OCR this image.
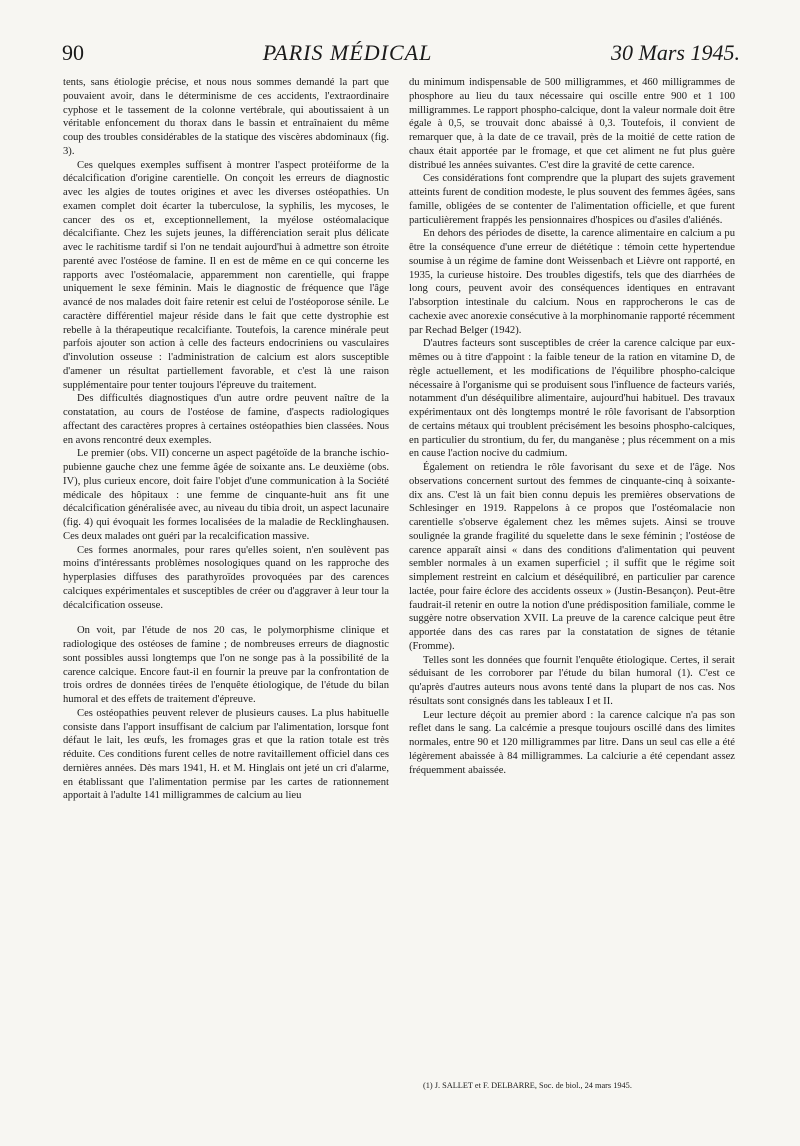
90	PARIS MÉDICAL	30 Mars 1945.

tents, sans étiologie précise, et nous nous sommes demandé la part que pouvaient avoir, dans le déterminisme de ces accidents, l'extraordinaire cyphose et le tassement de la colonne vertébrale, qui aboutissaient à un véritable enfoncement du thorax dans le bassin et entraînaient du même coup des troubles considérables de la statique des viscères abdominaux (fig. 3).

Ces quelques exemples suffisent à montrer l'aspect protéiforme de la décalcification d'origine carentielle. On conçoit les erreurs de diagnostic avec les algies de toutes origines et avec les diverses ostéopathies. Un examen complet doit écarter la tuberculose, la syphilis, les mycoses, le cancer des os et, exceptionnellement, la myélose ostéomalacique décalcifiante. Chez les sujets jeunes, la différenciation serait plus délicate avec le rachitisme tardif si l'on ne tendait aujourd'hui à admettre son étroite parenté avec l'ostéose de famine. Il en est de même en ce qui concerne les rapports avec l'ostéomalacie, apparemment non carentielle, qui frappe uniquement le sexe féminin. Mais le diagnostic de fréquence que l'âge avancé de nos malades doit faire retenir est celui de l'ostéoporose sénile. Le caractère différentiel majeur réside dans le fait que cette dystrophie est rebelle à la thérapeutique recalcifiante. Toutefois, la carence minérale peut parfois ajouter son action à celle des facteurs endocriniens ou vasculaires d'involution osseuse : l'administration de calcium est alors susceptible d'amener un résultat partiellement favorable, et c'est là une raison supplémentaire pour tenter toujours l'épreuve du traitement.

Des difficultés diagnostiques d'un autre ordre peuvent naître de la constatation, au cours de l'ostéose de famine, d'aspects radiologiques affectant des caractères propres à certaines ostéopathies bien classées. Nous en avons rencontré deux exemples.

Le premier (obs. VII) concerne un aspect pagétoïde de la branche ischio-pubienne gauche chez une femme âgée de soixante ans. Le deuxième (obs. IV), plus curieux encore, doit faire l'objet d'une communication à la Société médicale des hôpitaux : une femme de cinquante-huit ans fit une décalcification généralisée avec, au niveau du tibia droit, un aspect lacunaire (fig. 4) qui évoquait les formes localisées de la maladie de Recklinghausen. Ces deux malades ont guéri par la recalcification massive.

Ces formes anormales, pour rares qu'elles soient, n'en soulèvent pas moins d'intéressants problèmes nosologiques quand on les rapproche des hyperplasies diffuses des parathyroïdes provoquées par des carences calciques expérimentales et susceptibles de créer ou d'aggraver à leur tour la décalcification osseuse.

On voit, par l'étude de nos 20 cas, le polymorphisme clinique et radiologique des ostéoses de famine ; de nombreuses erreurs de diagnostic sont possibles aussi longtemps que l'on ne songe pas à la possibilité de la carence calcique. Encore faut-il en fournir la preuve par la confrontation de trois ordres de données tirées de l'enquête étiologique, de l'étude du bilan humoral et des effets de traitement d'épreuve.

Ces ostéopathies peuvent relever de plusieurs causes. La plus habituelle consiste dans l'apport insuffisant de calcium par l'alimentation, lorsque font défaut le lait, les œufs, les fromages gras et que la ration totale est très réduite. Ces conditions furent celles de notre ravitaillement officiel dans ces dernières années. Dès mars 1941, H. et M. Hinglais ont jeté un cri d'alarme, en établissant que l'alimentation permise par les cartes de rationnement apportait à l'adulte 141 milligrammes de calcium au lieu

du minimum indispensable de 500 milligrammes, et 460 milligrammes de phosphore au lieu du taux nécessaire qui oscille entre 900 et 1 100 milligrammes. Le rapport phospho-calcique, dont la valeur normale doit être égale à 0,5, se trouvait donc abaissé à 0,3. Toutefois, il convient de remarquer que, à la date de ce travail, près de la moitié de cette ration de chaux était apportée par le fromage, et que cet aliment ne fut plus guère distribué les années suivantes. C'est dire la gravité de cette carence.

Ces considérations font comprendre que la plupart des sujets gravement atteints furent de condition modeste, le plus souvent des femmes âgées, sans famille, obligées de se contenter de l'alimentation officielle, et que furent particulièrement frappés les pensionnaires d'hospices ou d'asiles d'aliénés.

En dehors des périodes de disette, la carence alimentaire en calcium a pu être la conséquence d'une erreur de diététique : témoin cette hypertendue soumise à un régime de famine dont Weissenbach et Lièvre ont rapporté, en 1935, la curieuse histoire. Des troubles digestifs, tels que des diarrhées de long cours, peuvent avoir des conséquences identiques en entravant l'absorption intestinale du calcium. Nous en rapprocherons le cas de cachexie avec anorexie consécutive à la morphinomanie rapporté récemment par Rechad Belger (1942).

D'autres facteurs sont susceptibles de créer la carence calcique par eux-mêmes ou à titre d'appoint : la faible teneur de la ration en vitamine D, de règle actuellement, et les modifications de l'équilibre phospho-calcique nécessaire à l'organisme qui se produisent sous l'influence de facteurs variés, notamment d'un déséquilibre alimentaire, aujourd'hui habituel. Des travaux expérimentaux ont dès longtemps montré le rôle favorisant de l'absorption de certains métaux qui troublent précisément les besoins phospho-calciques, en particulier du strontium, du fer, du manganèse ; plus récemment on a mis en cause l'action nocive du cadmium.

Également on retiendra le rôle favorisant du sexe et de l'âge. Nos observations concernent surtout des femmes de cinquante-cinq à soixante-dix ans. C'est là un fait bien connu depuis les premières observations de Schlesinger en 1919. Rappelons à ce propos que l'ostéomalacie non carentielle s'observe également chez les mêmes sujets. Ainsi se trouve soulignée la grande fragilité du squelette dans le sexe féminin ; l'ostéose de carence apparaît ainsi « dans des conditions d'alimentation qui peuvent sembler normales à un examen superficiel ; il suffit que le régime soit simplement restreint en calcium et déséquilibré, en particulier par carence lactée, pour faire éclore des accidents osseux » (Justin-Besançon). Peut-être faudrait-il retenir en outre la notion d'une prédisposition familiale, comme le suggère notre observation XVII. La preuve de la carence calcique peut être apportée dans des cas rares par la constatation de signes de tétanie (Fromme).

Telles sont les données que fournit l'enquête étiologique. Certes, il serait séduisant de les corroborer par l'étude du bilan humoral (1). C'est ce qu'après d'autres auteurs nous avons tenté dans la plupart de nos cas. Nos résultats sont consignés dans les tableaux I et II.

Leur lecture déçoit au premier abord : la carence calcique n'a pas son reflet dans le sang. La calcémie a presque toujours oscillé dans des limites normales, entre 90 et 120 milligrammes par litre. Dans un seul cas elle a été légèrement abaissée à 84 milligrammes. La calciurie a été cependant assez fréquemment abaissée.

(1) J. SALLET et F. DELBARRE, Soc. de biol., 24 mars 1945.
